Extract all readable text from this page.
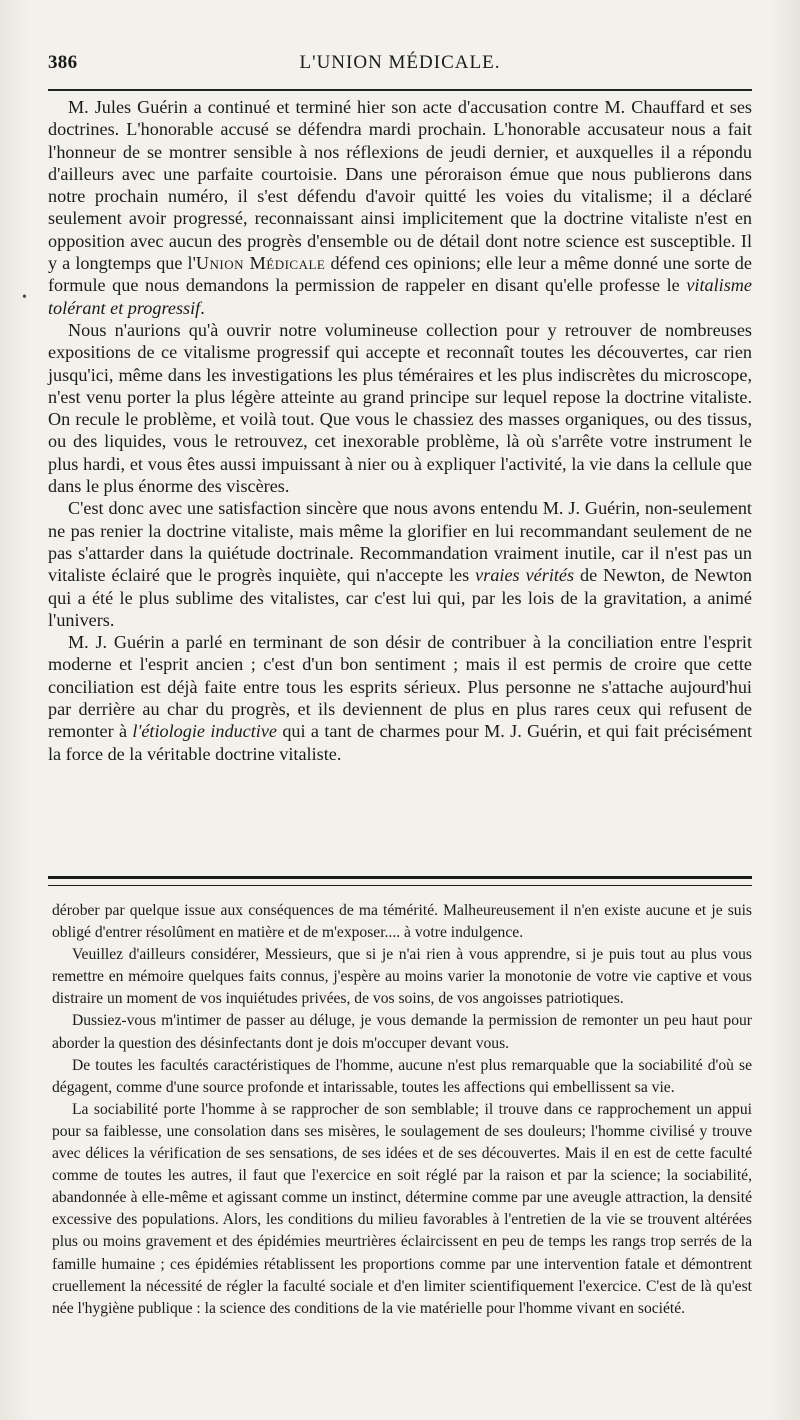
386	L'UNION MÉDICALE.
•

M. Jules Guérin a continué et terminé hier son acte d'accusation contre M. Chauffard et ses doctrines. L'honorable accusé se défendra mardi prochain. L'honorable accusateur nous a fait l'honneur de se montrer sensible à nos réflexions de jeudi dernier, et auxquelles il a répondu d'ailleurs avec une parfaite courtoisie. Dans une péroraison émue que nous publierons dans notre prochain numéro, il s'est défendu d'avoir quitté les voies du vitalisme; il a déclaré seulement avoir progressé, reconnaissant ainsi implicitement que la doctrine vitaliste n'est en opposition avec aucun des progrès d'ensemble ou de détail dont notre science est susceptible. Il y a longtemps que l'Union Médicale défend ces opinions; elle leur a même donné une sorte de formule que nous demandons la permission de rappeler en disant qu'elle professe le vitalisme tolérant et progressif.

Nous n'aurions qu'à ouvrir notre volumineuse collection pour y retrouver de nombreuses expositions de ce vitalisme progressif qui accepte et reconnaît toutes les découvertes, car rien jusqu'ici, même dans les investigations les plus téméraires et les plus indiscrètes du microscope, n'est venu porter la plus légère atteinte au grand principe sur lequel repose la doctrine vitaliste. On recule le problème, et voilà tout. Que vous le chassiez des masses organiques, ou des tissus, ou des liquides, vous le retrouvez, cet inexorable problème, là où s'arrête votre instrument le plus hardi, et vous êtes aussi impuissant à nier ou à expliquer l'activité, la vie dans la cellule que dans le plus énorme des viscères.

C'est donc avec une satisfaction sincère que nous avons entendu M. J. Guérin, non-seulement ne pas renier la doctrine vitaliste, mais même la glorifier en lui recommandant seulement de ne pas s'attarder dans la quiétude doctrinale. Recommandation vraiment inutile, car il n'est pas un vitaliste éclairé que le progrès inquiète, qui n'accepte les vraies vérités de Newton, de Newton qui a été le plus sublime des vitalistes, car c'est lui qui, par les lois de la gravitation, a animé l'univers.

M. J. Guérin a parlé en terminant de son désir de contribuer à la conciliation entre l'esprit moderne et l'esprit ancien ; c'est d'un bon sentiment ; mais il est permis de croire que cette conciliation est déjà faite entre tous les esprits sérieux. Plus personne ne s'attache aujourd'hui par derrière au char du progrès, et ils deviennent de plus en plus rares ceux qui refusent de remonter à l'étiologie inductive qui a tant de charmes pour M. J. Guérin, et qui fait précisément la force de la véritable doctrine vitaliste.

dérober par quelque issue aux conséquences de ma témérité. Malheureusement il n'en existe aucune et je suis obligé d'entrer résolûment en matière et de m'exposer.... à votre indulgence.

Veuillez d'ailleurs considérer, Messieurs, que si je n'ai rien à vous apprendre, si je puis tout au plus vous remettre en mémoire quelques faits connus, j'espère au moins varier la monotonie de votre vie captive et vous distraire un moment de vos inquiétudes privées, de vos soins, de vos angoisses patriotiques.

Dussiez-vous m'intimer de passer au déluge, je vous demande la permission de remonter un peu haut pour aborder la question des désinfectants dont je dois m'occuper devant vous.

De toutes les facultés caractéristiques de l'homme, aucune n'est plus remarquable que la sociabilité d'où se dégagent, comme d'une source profonde et intarissable, toutes les affections qui embellissent sa vie.

La sociabilité porte l'homme à se rapprocher de son semblable; il trouve dans ce rapprochement un appui pour sa faiblesse, une consolation dans ses misères, le soulagement de ses douleurs; l'homme civilisé y trouve avec délices la vérification de ses sensations, de ses idées et de ses découvertes. Mais il en est de cette faculté comme de toutes les autres, il faut que l'exercice en soit réglé par la raison et par la science; la sociabilité, abandonnée à elle-même et agissant comme un instinct, détermine comme par une aveugle attraction, la densité excessive des populations. Alors, les conditions du milieu favorables à l'entretien de la vie se trouvent altérées plus ou moins gravement et des épidémies meurtrières éclaircissent en peu de temps les rangs trop serrés de la famille humaine ; ces épidémies rétablissent les proportions comme par une intervention fatale et démontrent cruellement la nécessité de régler la faculté sociale et d'en limiter scientifiquement l'exercice. C'est de là qu'est née l'hygiène publique : la science des conditions de la vie matérielle pour l'homme vivant en société.
